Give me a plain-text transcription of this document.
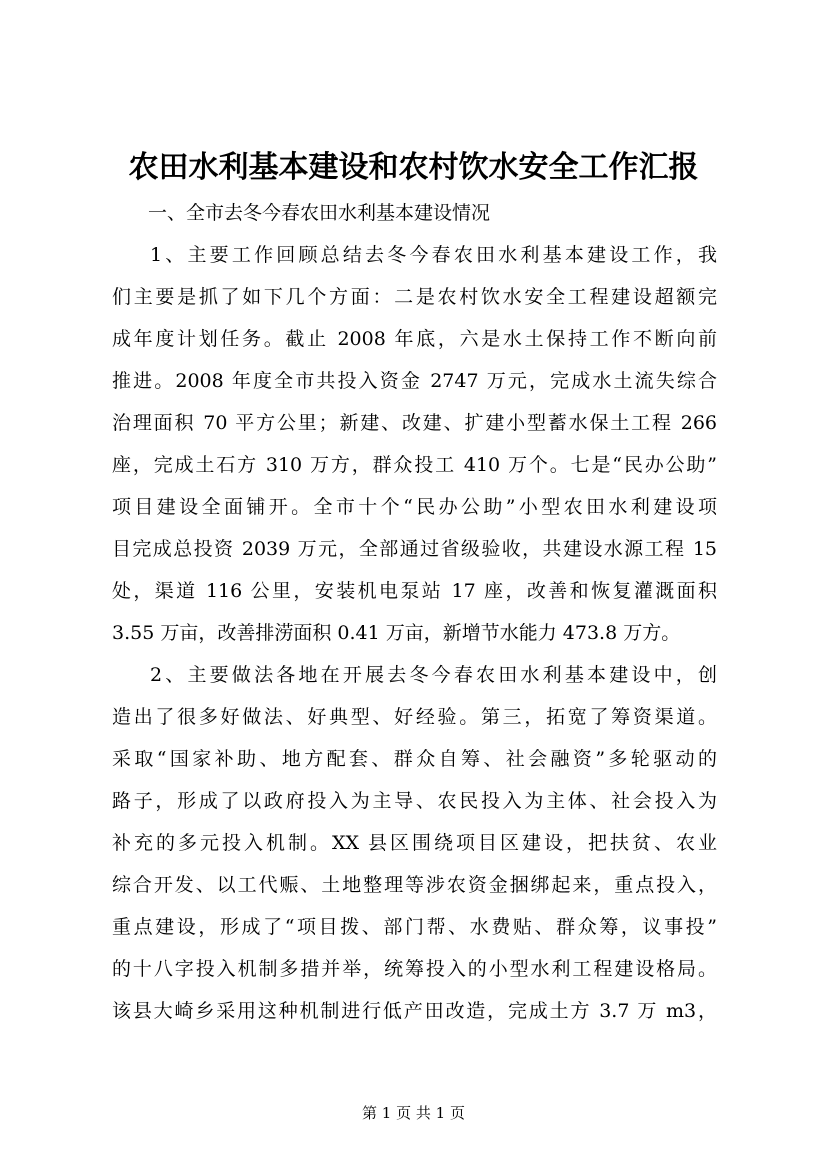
农田水利基本建设和农村饮水安全工作汇报
一、全市去冬今春农田水利基本建设情况
1、主要工作回顾总结去冬今春农田水利基本建设工作，我
们主要是抓了如下几个方面：二是农村饮水安全工程建设超额完
成年度计划任务。截止 2008 年底，六是水土保持工作不断向前
推进。2008 年度全市共投入资金 2747 万元，完成水土流失综合
治理面积 70 平方公里；新建、改建、扩建小型蓄水保土工程 266
座，完成土石方 310 万方，群众投工 410 万个。七是“民办公助”
项目建设全面铺开。全市十个“民办公助”小型农田水利建设项
目完成总投资 2039 万元，全部通过省级验收，共建设水源工程 15
处，渠道 116 公里，安装机电泵站 17 座，改善和恢复灌溉面积
3.55 万亩，改善排涝面积 0.41 万亩，新增节水能力 473.8 万方。
2、主要做法各地在开展去冬今春农田水利基本建设中，创
造出了很多好做法、好典型、好经验。第三，拓宽了筹资渠道。
采取“国家补助、地方配套、群众自筹、社会融资”多轮驱动的
路子，形成了以政府投入为主导、农民投入为主体、社会投入为
补充的多元投入机制。XX 县区围绕项目区建设，把扶贫、农业
综合开发、以工代赈、土地整理等涉农资金捆绑起来，重点投入，
重点建设，形成了“项目拨、部门帮、水费贴、群众筹，议事投”
的十八字投入机制多措并举，统筹投入的小型水利工程建设格局。
该县大崎乡采用这种机制进行低产田改造，完成土方 3.7 万 m3，
第 1 页 共 1 页
